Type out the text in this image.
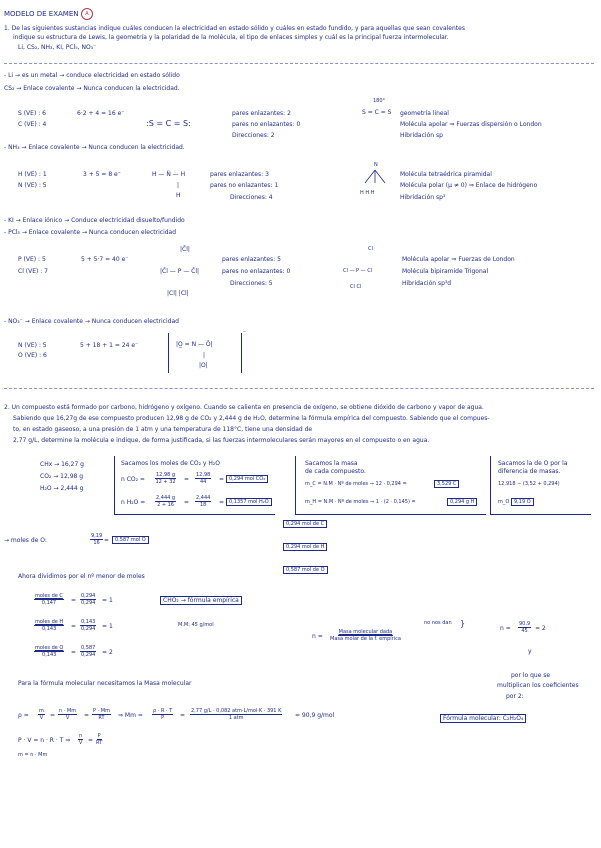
MODELO DE EXAMEN	A
1. De las siguientes sustancias indique cuáles conducen la electricidad en estado sólido y cuáles en estado fundido, y para aquellas que sean covalentes
indique su estructura de Lewis, la geometría y la polaridad de la molécula, el tipo de enlaces simples y cuál es la principal fuerza intermolecular.
Li, CS₂, NH₃, KI, PCl₅, NO₃⁻
- Li → es un metal → conduce electricidad en estado sólido
CS₂ → Enlace covalente → Nunca conducen la electricidad.
S (VE) : 6
C (VE) : 4
6·2 + 4 = 16 e⁻
:S = C = S:
pares enlazantes: 2
pares no enlazantes: 0
Direcciones: 2
180°
S = C = S geometría lineal
Molécula apolar ⇒ Fuerzas dispersión o London
Hibridación sp
- NH₃ → Enlace covalente → Nunca conducen la electricidad.
H (VE) : 1
N (VE) : 5
3 + 5 = 8 e⁻	H — N̈ — H
|
H
pares enlazantes: 3
pares no enlazantes: 1
Direcciones: 4
N
H H H
Molécula tetraédrica piramidal
Molécula polar (μ ≠ 0) ⇒ Enlace de hidrógeno
Hibridación sp³
- KI → Enlace iónico → Conduce electricidad disuelto/fundido
- PCl₅ → Enlace covalente → Nunca conducen electricidad
P (VE) : 5
Cl (VE) : 7
5 + 5·7 = 40 e⁻
|C̄l|
|C̄l — P — C̄l|
|Cl| |Cl|
pares enlazantes: 5
pares no enlazantes: 0
Direcciones: 5
Cl
Cl — P — Cl
Cl Cl
Molécula apolar ⇒ Fuerzas de London
Molécula bipiramide Trigonal
Hibridación sp³d
- NO₃⁻ → Enlace covalente → Nunca conducen electricidad
N (VE) : 5
O (VE) : 6
5 + 18 + 1 = 24 e⁻	|O̲ = N — Ō|
|
|O|
⁻
2. Un compuesto está formado por carbono, hidrógeno y oxígeno. Cuando se calienta en presencia de oxígeno, se obtiene dióxido de carbono y vapor de agua.
Sabiendo que 16,27g de ese compuesto producen 12,98 g de CO₂ y 2,444 g de H₂O, determine la fórmula empírica del compuesto. Sabiendo que el compues-
to, en estado gaseoso, a una presión de 1 atm y una temperatura de 118°C, tiene una densidad de
2,77 g/L, determine la molécula e indique, de forma justificada, si las fuerzas intermoleculares serán mayores en el compuesto o en agua.
CHx → 16,27 g
CO₂ → 12,98 g
H₂O → 2,444 g
Sacamos los moles de CO₂ y H₂O
n $CO_2 = \frac{12,98 g}{12 + 32} = \frac{12,98}{44} = 0,294$ mol CO₂
n $H_2O = \frac{2,444 g}{2 + 16} = \frac{2,444}{18} = 0,1357$ mol H₂O
Sacamos la masa
de cada compuesto.
m_C = N.M · Nº de moles ⇒ 12 · 0,294 =	3,529 C
m_H = N.M · Nº de moles ⇒ 1 · (2 · 0,145) =	0,294 g H
Sacamos la de O por la
diferencia de masas.
12,918 − (3,52 + 0,294)
m_O 9,19 O
0,294 mol de C
0,294 mol de H
0,587 mol de O
→ moles de O:	$\frac{9,19}{16}$ =	0,587 mol O
Ahora dividimos por el nº menor de moles
moles de C
$0,147 = \frac{0,294}{0,294} = 1$
moles de H
$0,143 = \frac{0,143}{0,294} = 1$
moles de O
$0,143 = \frac{0,587}{0,294} = 2$
CHO₂ → fórmula empírica
M.M: 45 g/mol
n =
Masa molecular dada
Masa molar de la f. empírica
no nos dan }
$n = \frac{90,9}{45}$ ≃ 2
y
por lo que se
multiplican los coeficientes
por 2:
Fórmula molecular: C₂H₂O₄
Para la fórmula molecular necesitamos la Masa molecular
$\rho = \frac{m}{V} = \frac{n \cdot Mm}{V} = \frac{P \cdot Mm}{RT}$ ⇒ $Mm = \frac{\rho \cdot R \cdot T}{P}$ =
2,77 g/L · 0,082 atm·L/mol·K · 391 K
1 atm	= 90,9 g/mol
P · V = n · R · T ⇒ $\frac{n}{V} = \frac{P}{RT}$
m = n · Mm
